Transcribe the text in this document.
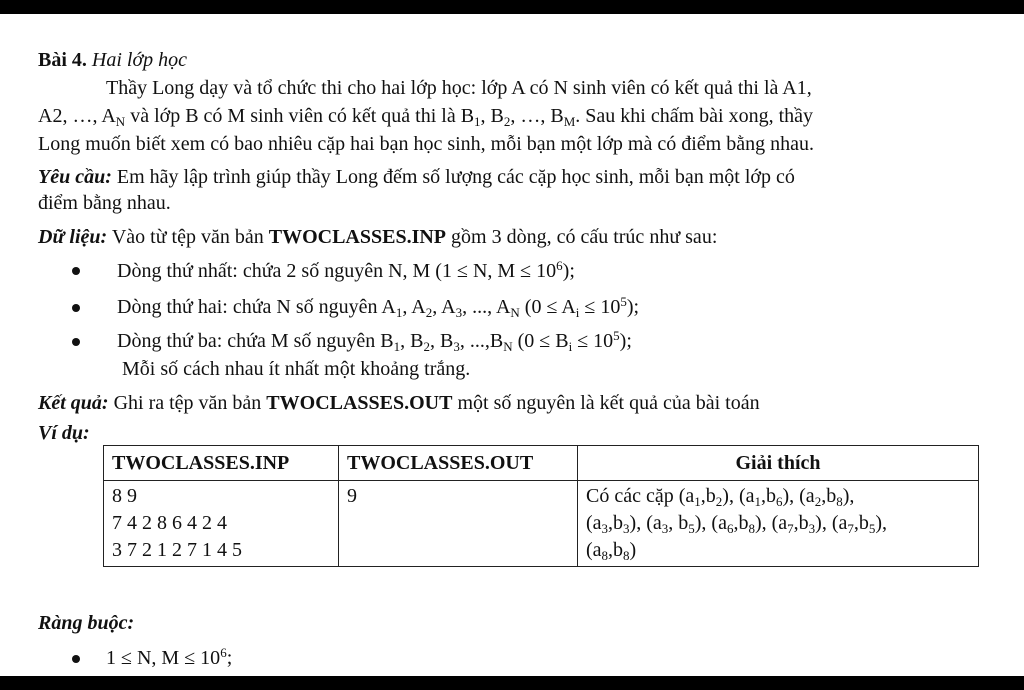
Bài 4. Hai lớp học
Thầy Long dạy và tổ chức thi cho hai lớp học: lớp A có N sinh viên có kết quả thi là A1,
A2, …, $A_N$ và lớp B có M sinh viên có kết quả thi là $B_1$, $B_2$, …, $B_M$. Sau khi chấm bài xong, thầy
Long muốn biết xem có bao nhiêu cặp hai bạn học sinh, mỗi bạn một lớp mà có điểm bằng nhau.
Yêu cầu: Em hãy lập trình giúp thầy Long đếm số lượng các cặp học sinh, mỗi bạn một lớp có
điểm bằng nhau.
Dữ liệu: Vào từ tệp văn bản TWOCLASSES.INP gồm 3 dòng, có cấu trúc như sau:
Dòng thứ nhất: chứa 2 số nguyên N, M (1 ≤ N, $M \le 10^6$);
Dòng thứ hai: chứa N số nguyên $A_1$, $A_2$, $A_3$, ..., $A_N$ $(0 \le A_i \le 10^5)$;
Dòng thứ ba: chứa M số nguyên $B_1$, $B_2$, $B_3$, $...,B_N$ $(0 \le B_i \le 10^5)$;
Mỗi số cách nhau ít nhất một khoảng trắng.
Kết quả: Ghi ra tệp văn bản TWOCLASSES.OUT một số nguyên là kết quả của bài toán
Ví dụ:
TWOCLASSES.INP	TWOCLASSES.OUT	Giải thích

8 9
7 4 2 8 6 4 2 4
3 7 2 1 2 7 1 4 5	9	Có các cặp $(a_1,b_2)$, $(a_1,b_6)$, $(a_2,b_8)$,
$(a_3,b_3)$, ($a_3$, $b_5$), $(a_6,b_8)$, $(a_7,b_3)$, $(a_7,b_5)$,
$(a_8,b_8)$
Ràng buộc:
1 ≤ N, $M \le 10^6$;
